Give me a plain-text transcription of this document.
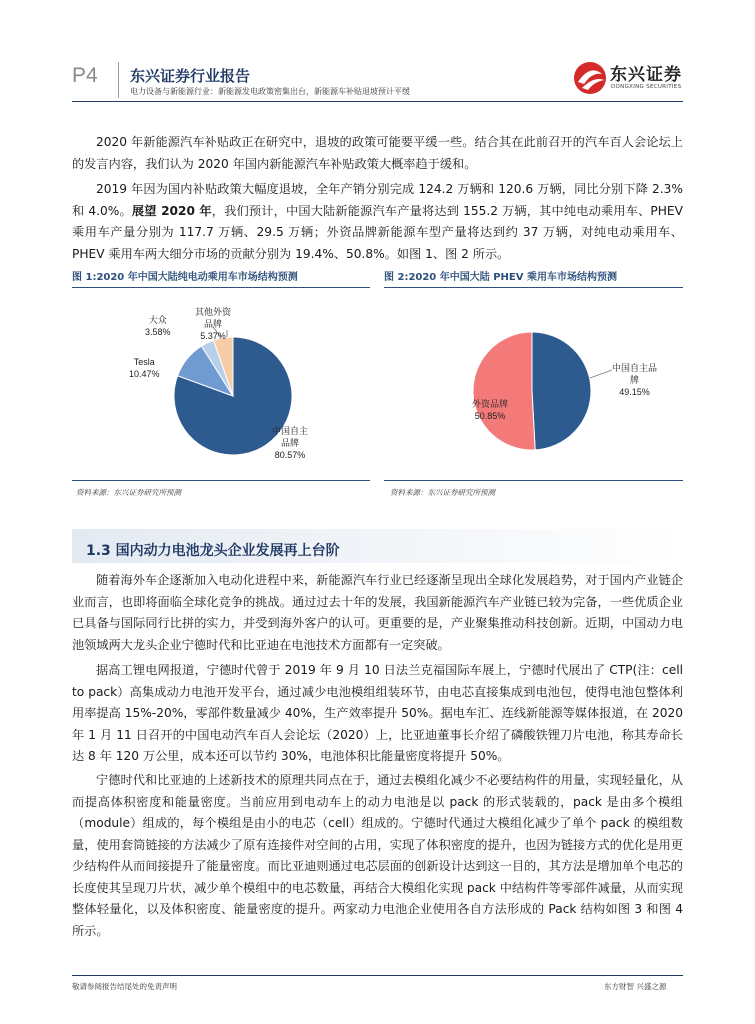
P4 东兴证券行业报告
电力设备与新能源行业：新能源发电政策密集出台，新能源车补贴退坡预计平缓
东兴证券
DONGXING SECURITIES

2020 年新能源汽车补贴政正在研究中，退坡的政策可能要平缓一些。结合其在此前召开的汽车百人会论坛上的发言内容，我们认为 2020 年国内新能源汽车补贴政策大概率趋于缓和。

2019 年因为国内补贴政策大幅度退坡，全年产销分别完成 124.2 万辆和 120.6 万辆，同比分别下降 2.3%和 4.0%。展望 2020 年，我们预计，中国大陆新能源汽车产量将达到 155.2 万辆，其中纯电动乘用车、PHEV 乘用车产量分别为 117.7 万辆、29.5 万辆；外资品牌新能源车型产量将达到约 37 万辆，对纯电动乘用车、PHEV 乘用车两大细分市场的贡献分别为 19.4%、50.8%。如图 1、图 2 所示。

图 1:2020 年中国大陆纯电动乘用车市场结构预测
资料来源：东兴证券研究所预测
图 2:2020 年中国大陆 PHEV 乘用车市场结构预测
资料来源：东兴证券研究所预测
中国自主
品牌
80.57%
Tesla
10.47%
大众
3.58%
其他外资
品牌
5.37%
中国自主品
牌
49.15%
外资品牌
50.85%
1.3 国内动力电池龙头企业发展再上台阶

随着海外车企逐渐加入电动化进程中来，新能源汽车行业已经逐渐呈现出全球化发展趋势，对于国内产业链企业而言，也即将面临全球化竞争的挑战。通过过去十年的发展，我国新能源汽车产业链已较为完备，一些优质企业已具备与国际同行比拼的实力，并受到海外客户的认可。更重要的是，产业聚集推动科技创新。近期，中国动力电池领域两大龙头企业宁德时代和比亚迪在电池技术方面都有一定突破。

据高工锂电网报道，宁德时代曾于 2019 年 9 月 10 日法兰克福国际车展上，宁德时代展出了 CTP(注：cell to pack）高集成动力电池开发平台，通过减少电池模组组装环节，由电芯直接集成到电池包，使得电池包整体利用率提高 15%-20%，零部件数量减少 40%，生产效率提升 50%。据电车汇、连线新能源等媒体报道，在 2020 年 1 月 11 日召开的中国电动汽车百人会论坛（2020）上，比亚迪董事长介绍了磷酸铁锂刀片电池，称其寿命长达 8 年 120 万公里，成本还可以节约 30%，电池体积比能量密度将提升 50%。

宁德时代和比亚迪的上述新技术的原理共同点在于，通过去模组化减少不必要结构件的用量，实现轻量化，从而提高体积密度和能量密度。当前应用到电动车上的动力电池是以 pack 的形式装载的，pack 是由多个模组（module）组成的，每个模组是由小的电芯（cell）组成的。宁德时代通过大模组化减少了单个 pack 的模组数量，使用套筒链接的方法减少了原有连接件对空间的占用，实现了体积密度的提升，也因为链接方式的优化是用更少结构件从而间接提升了能量密度。而比亚迪则通过电芯层面的创新设计达到这一目的，其方法是增加单个电芯的长度使其呈现刀片状，减少单个模组中的电芯数量，再结合大模组化实现 pack 中结构件等零部件减量，从而实现整体轻量化，以及体积密度、能量密度的提升。两家动力电池企业使用各自方法形成的 Pack 结构如图 3 和图 4 所示。

敬请参阅报告结尾处的免责声明	东方财智 兴盛之源
